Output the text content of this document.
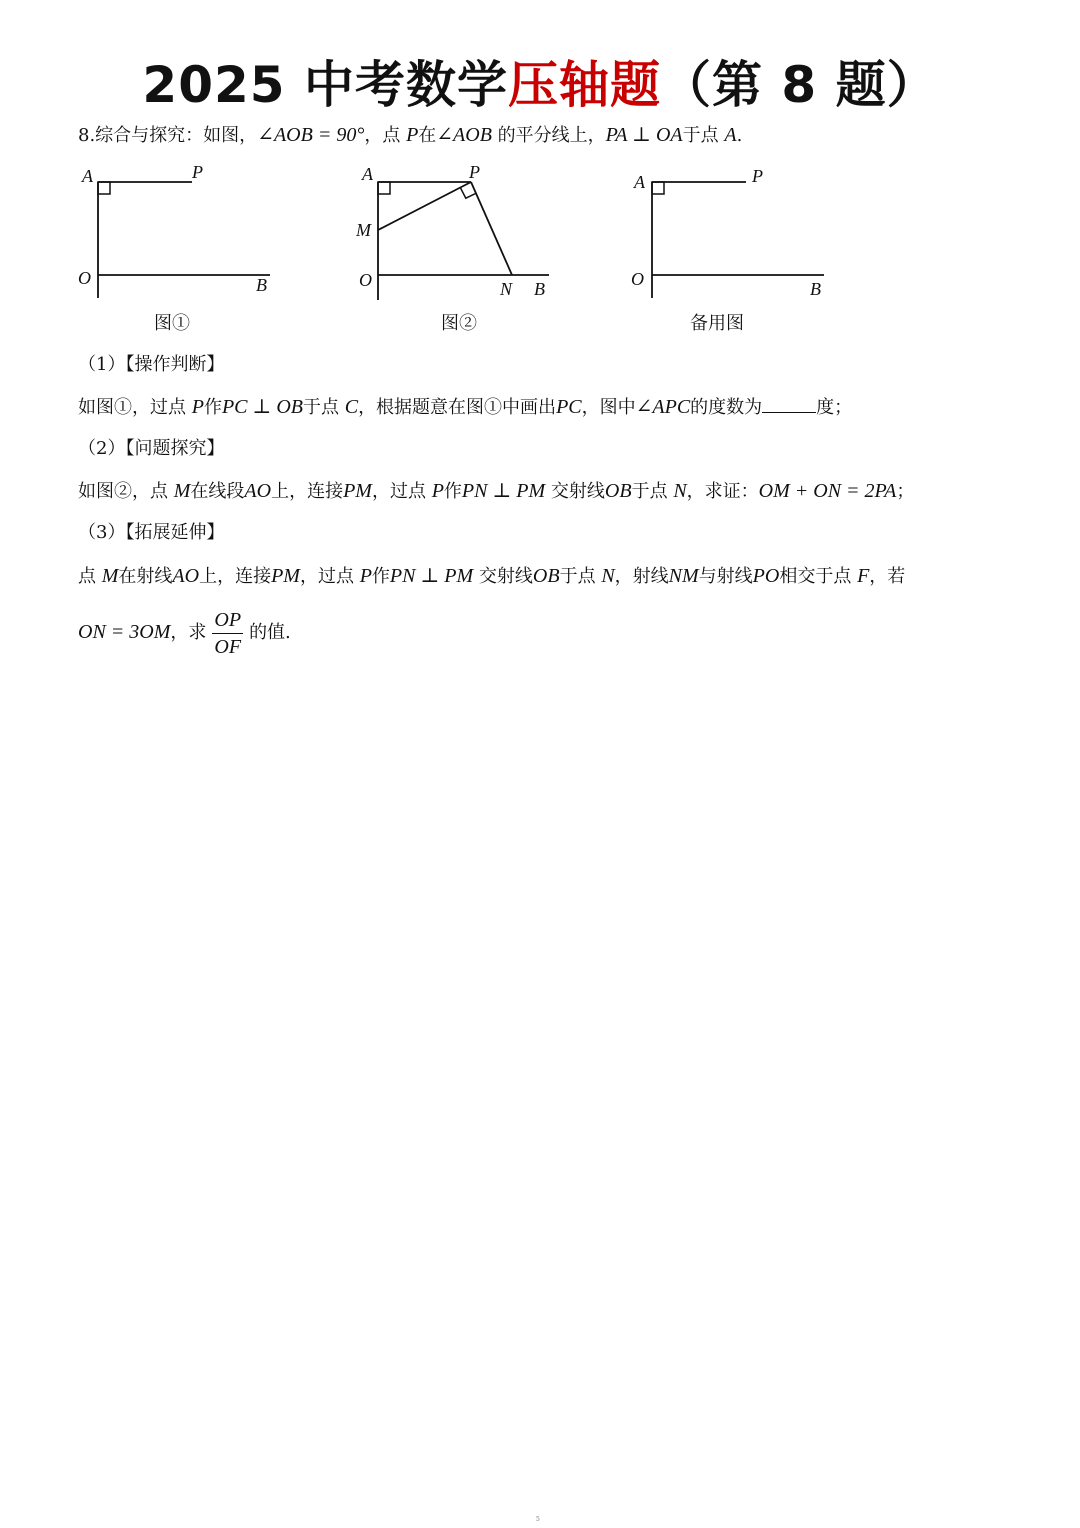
2025 中考数学压轴题（第 8 题）
8.综合与探究：如图，∠AOB = 90°，点 P在∠AOB 的平分线上，PA ⊥ OA于点 A.
A	P
O	B
图①
A	P
M
O	N B
图②
A	P
O	B
备用图
（1）【操作判断】
如图①，过点 P作PC ⊥ OB于点 C，根据题意在图①中画出PC，图中∠APC的度数为	度；
（2）【问题探究】
如图②，点 M在线段AO上，连接PM，过点 P作PN ⊥ PM 交射线OB于点 N，求证：OM + ON = 2PA；
（3）【拓展延伸】
点 M在射线AO上，连接PM，过点 P作PN ⊥ PM 交射线OB于点 N，射线NM与射线PO相交于点 F，若
ON = 3OM，求 $\frac{OP}{OF}$ 的值.
5
